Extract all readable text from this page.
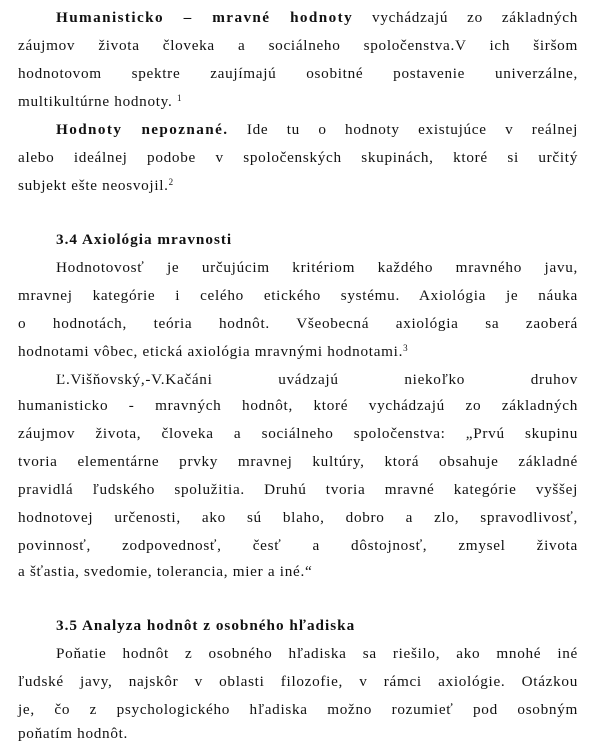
Humanisticko – mravné hodnoty vychádzajú zo základných
záujmov života človeka a sociálneho spoločenstva.V ich širšom
hodnotovom spektre zaujímajú osobitné postavenie univerzálne,
multikultúrne hodnoty. $^1$
Hodnoty nepoznané. Ide tu o hodnoty existujúce v reálnej
alebo ideálnej podobe v spoločenských skupinách, ktoré si určitý
subjekt ešte neosvojil.$^2$
3.4 Axiológia mravnosti
Hodnotovosť je určujúcim kritériom každého mravného javu,
mravnej kategórie i celého etického systému. Axiológia je náuka
o hodnotách, teória hodnôt. Všeobecná axiológia sa zaoberá
hodnotami vôbec, etická axiológia mravnými hodnotami.$^3$
Ľ.Višňovský,-V.Kačáni uvádzajú niekoľko druhov
humanisticko - mravných hodnôt, ktoré vychádzajú zo základných
záujmov života, človeka a sociálneho spoločenstva: „Prvú skupinu
tvoria elementárne prvky mravnej kultúry, ktorá obsahuje základné
pravidlá ľudského spolužitia. Druhú tvoria mravné kategórie vyššej
hodnotovej určenosti, ako sú blaho, dobro a zlo, spravodlivosť,
povinnosť, zodpovednosť, česť a dôstojnosť, zmysel života
a šťastia, svedomie, tolerancia, mier a iné.“
3.5 Analyza hodnôt z osobného hľadiska
Poňatie hodnôt z osobného hľadiska sa riešilo, ako mnohé iné
ľudské javy, najskôr v oblasti filozofie, v rámci axiológie. Otázkou
je, čo z psychologického hľadiska možno rozumieť pod osobným
poňatím hodnôt.
